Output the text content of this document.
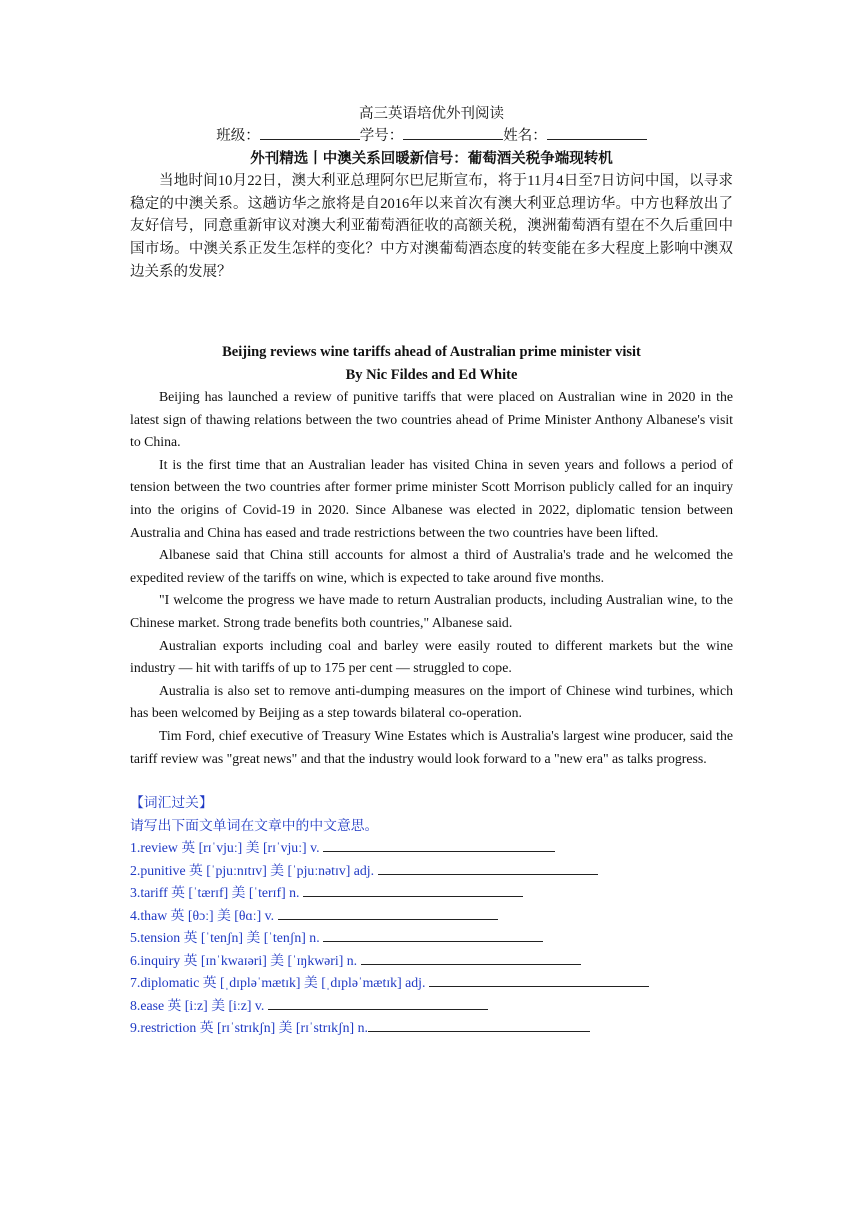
高三英语培优外刊阅读

班级：	学号：	姓名：

外刊精选丨中澳关系回暖新信号：葡萄酒关税争端现转机

当地时间10月22日，澳大利亚总理阿尔巴尼斯宣布，将于11月4日至7日访问中国，以寻求稳定的中澳关系。这趟访华之旅将是自2016年以来首次有澳大利亚总理访华。中方也释放出了友好信号，同意重新审议对澳大利亚葡萄酒征收的高额关税，澳洲葡萄酒有望在不久后重回中国市场。中澳关系正发生怎样的变化？中方对澳葡萄酒态度的转变能在多大程度上影响中澳双边关系的发展？

Beijing reviews wine tariffs ahead of Australian prime minister visit

By Nic Fildes and Ed White

Beijing has launched a review of punitive tariffs that were placed on Australian wine in 2020 in the latest sign of thawing relations between the two countries ahead of Prime Minister Anthony Albanese's visit to China.

It is the first time that an Australian leader has visited China in seven years and follows a period of tension between the two countries after former prime minister Scott Morrison publicly called for an inquiry into the origins of Covid-19 in 2020. Since Albanese was elected in 2022, diplomatic tension between Australia and China has eased and trade restrictions between the two countries have been lifted.

Albanese said that China still accounts for almost a third of Australia's trade and he welcomed the expedited review of the tariffs on wine, which is expected to take around five months.

"I welcome the progress we have made to return Australian products, including Australian wine, to the Chinese market. Strong trade benefits both countries," Albanese said.

Australian exports including coal and barley were easily routed to different markets but the wine industry — hit with tariffs of up to 175 per cent — struggled to cope.

Australia is also set to remove anti-dumping measures on the import of Chinese wind turbines, which has been welcomed by Beijing as a step towards bilateral co-operation.

Tim Ford, chief executive of Treasury Wine Estates which is Australia's largest wine producer, said the tariff review was "great news" and that the industry would look forward to a "new era" as talks progress.

【词汇过关】

请写出下面文单词在文章中的中文意思。

1.review 英 [rɪˈvjuː] 美 [rɪˈvjuː] v.

2.punitive 英 [ˈpjuːnɪtɪv] 美 [ˈpjuːnətɪv] adj.

3.tariff 英 [ˈtærɪf] 美 [ˈterɪf] n.

4.thaw 英 [θɔː] 美 [θɑː] v.

5.tension 英 [ˈtenʃn] 美 [ˈtenʃn] n.

6.inquiry 英 [ɪnˈkwaɪəri] 美 [ˈɪŋkwəri] n.

7.diplomatic 英 [ˌdɪpləˈmætɪk] 美 [ˌdɪpləˈmætɪk] adj.

8.ease 英 [iːz] 美 [iːz] v.

9.restriction 英 [rɪˈstrɪkʃn] 美 [rɪˈstrɪkʃn] n.
